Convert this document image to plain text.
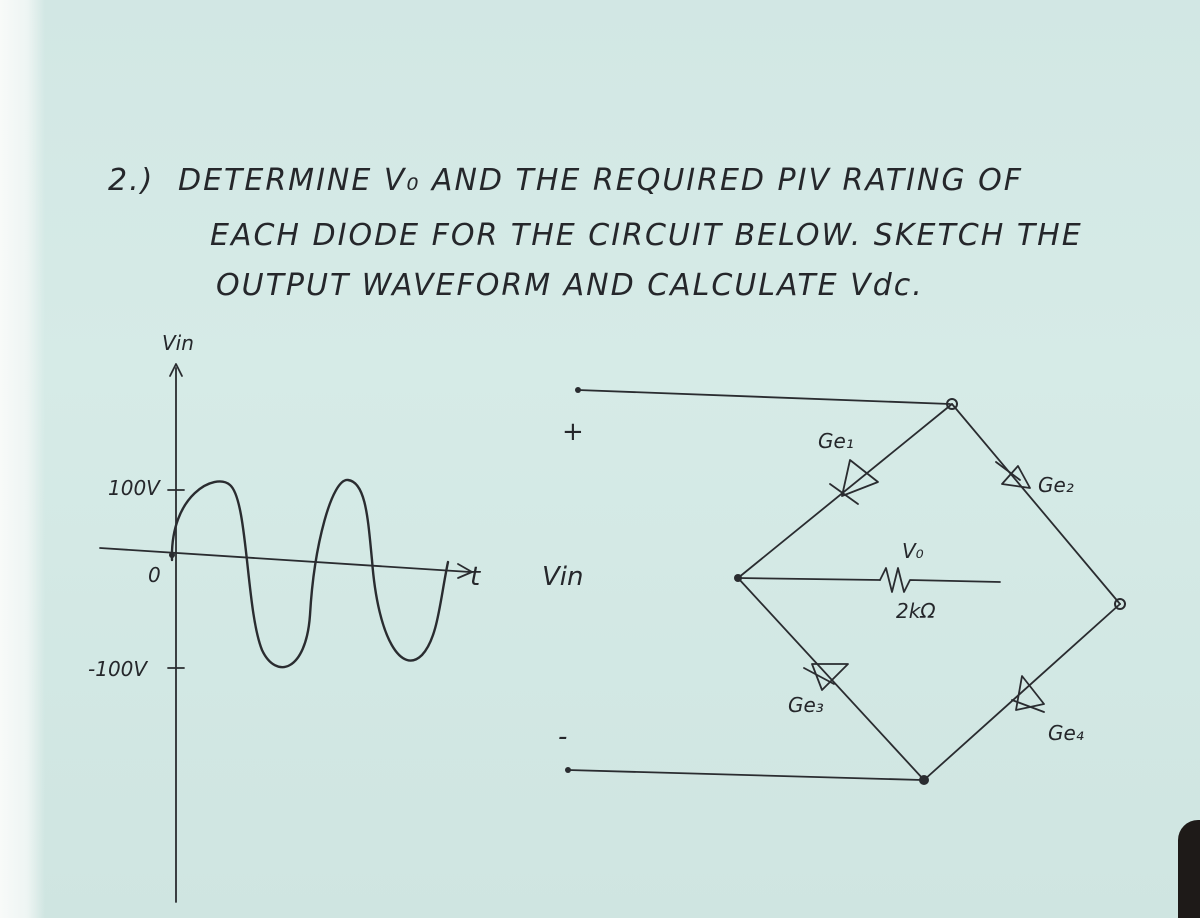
2.) DETERMINE V₀ AND THE REQUIRED PIV RATING OF
EACH DIODE FOR THE CIRCUIT BELOW. SKETCH THE
OUTPUT WAVEFORM AND CALCULATE Vdc.
Vin
t
100V
0
-100V
+
-
Vin
Ge₁
Ge₂
Ge₃
Ge₄
V₀
2kΩ
